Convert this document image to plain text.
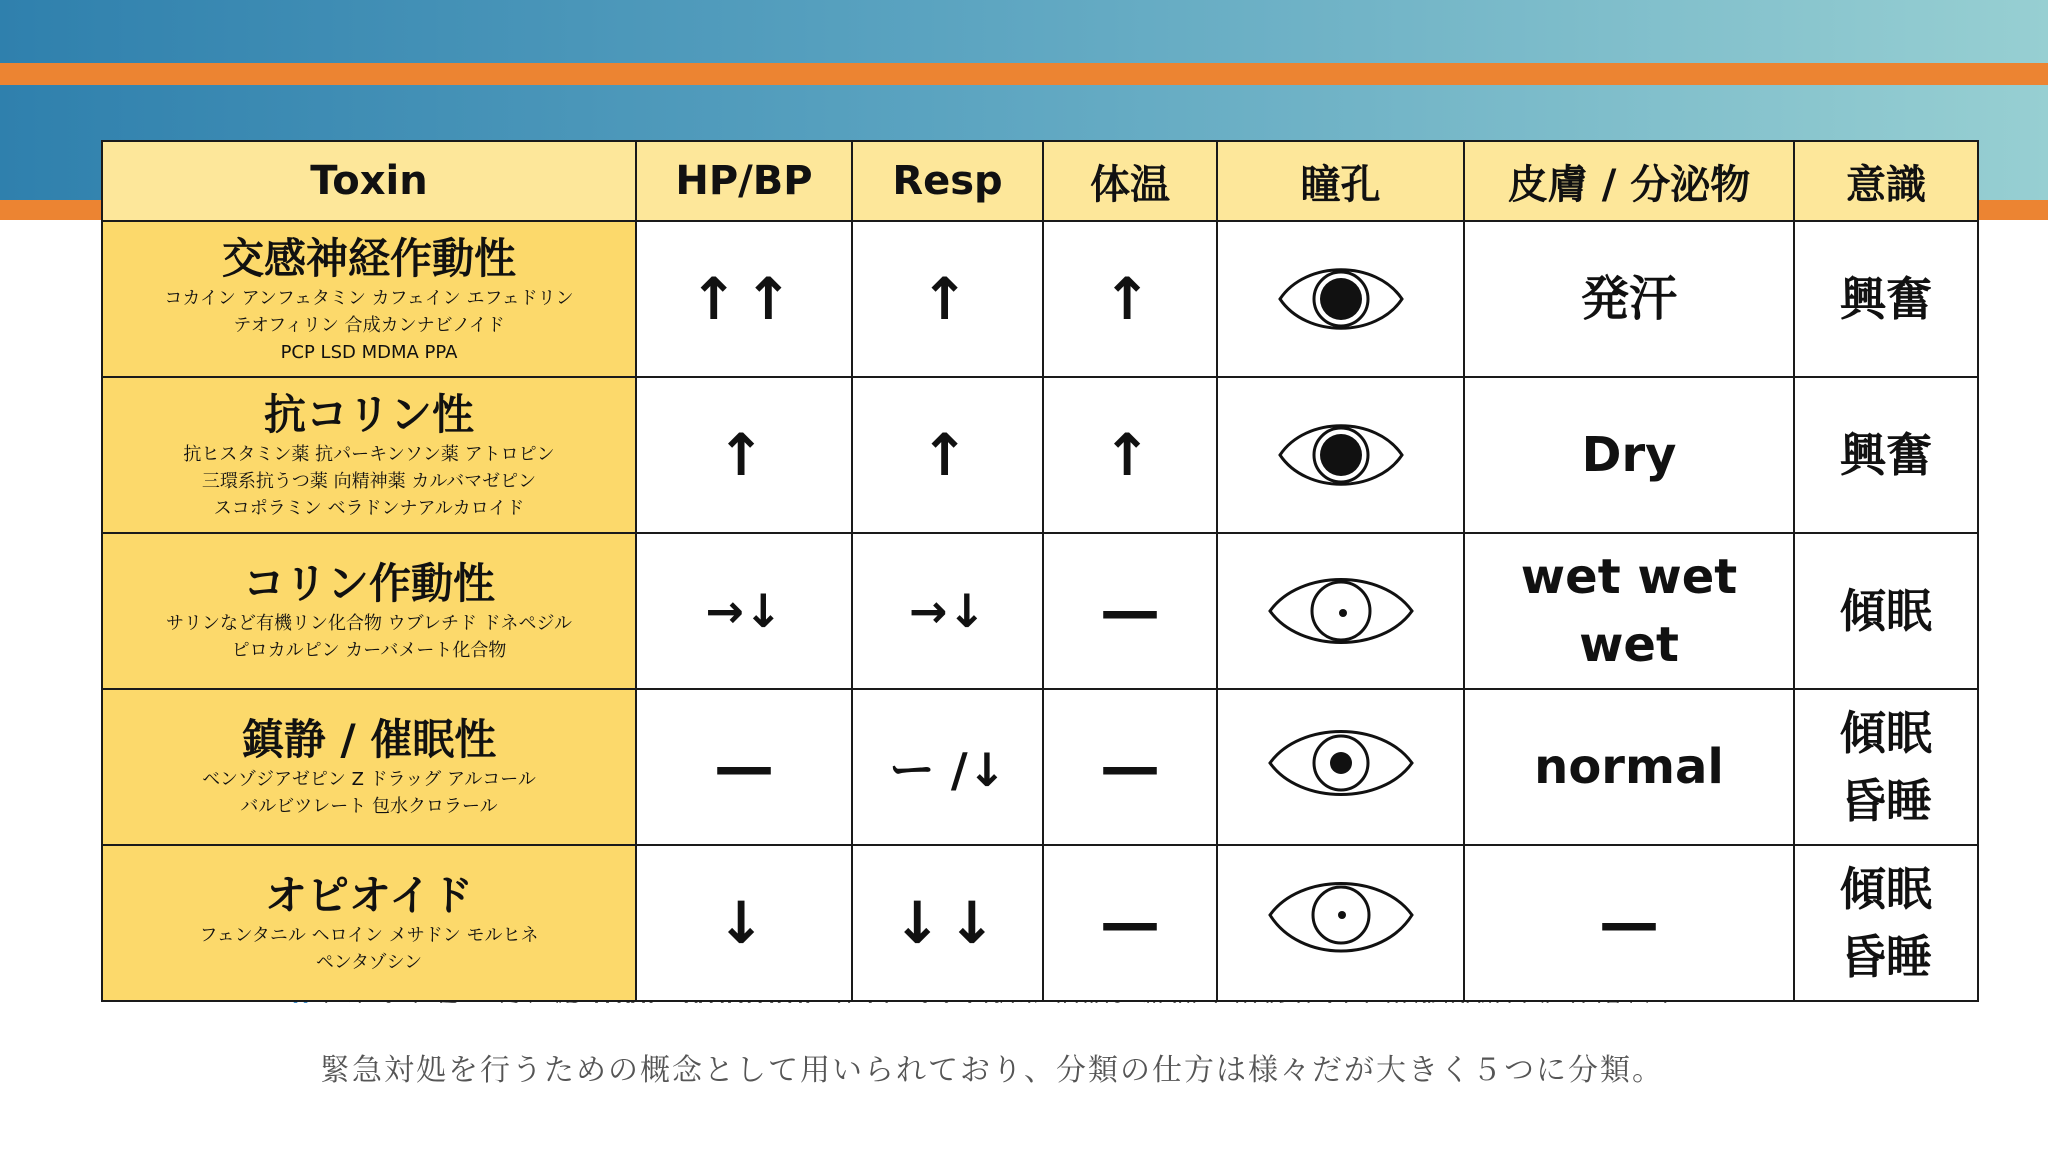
緊急対処を行うための概念として用いられており、分類の仕方は様々だが大きく５つに分類。
Toxin	HP/BP	Resp	体温	瞳孔	皮膚 / 分泌物	意識

交感神経作動性
コカイン アンフェタミン カフェイン エフェドリン
テオフィリン 合成カンナビノイド
PCP LSD MDMA PPA	↑↑	↑	↑		発汗	興奮

抗コリン性
抗ヒスタミン薬 抗パーキンソン薬 アトロピン
三環系抗うつ薬 向精神薬 カルバマゼピン
スコポラミン ベラドンナアルカロイド	↑	↑	↑		Dry	興奮

コリン作動性
サリンなど有機リン化合物 ウブレチド ドネペジル
ピロカルピン カーバメート化合物	→↓	→↓	—		wet wet
wet	傾眠

鎮静 / 催眠性
ベンゾジアゼピン Z ドラッグ アルコール
バルビツレート 包水クロラール	—	ー /↓	—		normal	傾眠
昏睡

オピオイド
フェンタニル ヘロイン メサドン モルヒネ
ペンタゾシン	↓	↓↓	—		—	傾眠
昏睡
